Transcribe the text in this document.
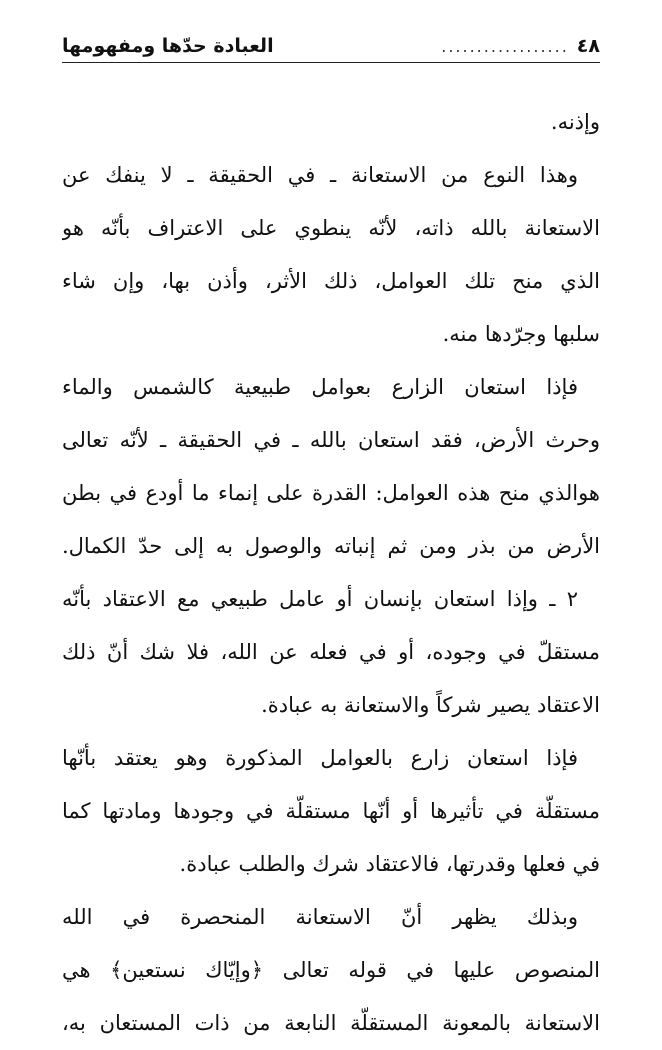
٤٨
..................
العبادة حدّها ومفهومها
وإذنه.
وهذا النوع من الاستعانة ـ في الحقيقة ـ لا ينفك عن
الاستعانة بالله ذاته، لأنّه ينطوي على الاعتراف بأنّه هو
الذي منح تلك العوامل، ذلك الأثر، وأذن بها، وإن شاء
سلبها وجرّدها منه.
فإذا استعان الزارع بعوامل طبيعية كالشمس والماء
وحرث الأرض، فقد استعان بالله ـ في الحقيقة ـ لأنّه تعالى
هوالذي منح هذه العوامل: القدرة على إنماء ما أودع في بطن
الأرض من بذر ومن ثم إنباته والوصول به إلى حدّ الكمال.
٢ ـ وإذا استعان بإنسان أو عامل طبيعي مع الاعتقاد بأنّه
مستقلّ في وجوده، أو في فعله عن الله، فلا شك أنّ ذلك
الاعتقاد يصير شركاً والاستعانة به عبادة.
فإذا استعان زارع بالعوامل المذكورة وهو يعتقد بأنّها
مستقلّة في تأثيرها أو أنّها مستقلّة في وجودها ومادتها كما
في فعلها وقدرتها، فالاعتقاد شرك والطلب عبادة.
وبذلك يظهر أنّ الاستعانة المنحصرة في الله
المنصوص عليها في قوله تعالى ﴿وإيّاك نستعين﴾ هي
الاستعانة بالمعونة المستقلّة النابعة من ذات المستعان به،
